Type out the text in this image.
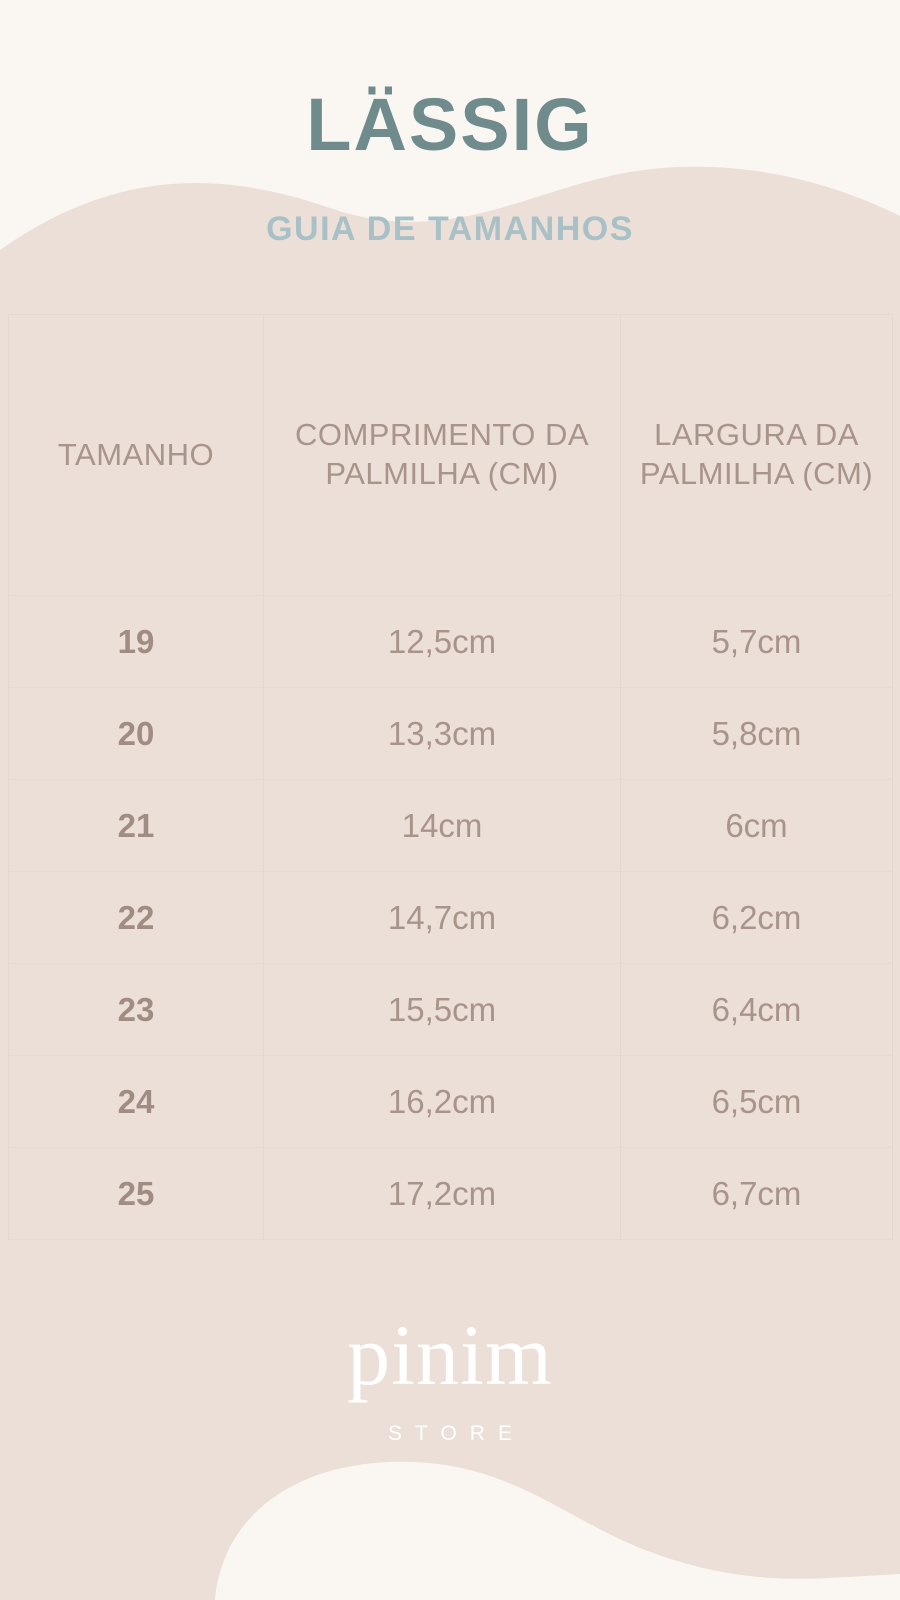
LÄSSIG
GUIA DE TAMANHOS
TAMANHO	COMPRIMENTO DA PALMILHA (CM)	LARGURA DA PALMILHA (CM)
19	12,5cm	5,7cm
20	13,3cm	5,8cm
21	14cm	6cm
22	14,7cm	6,2cm
23	15,5cm	6,4cm
24	16,2cm	6,5cm
25	17,2cm	6,7cm
pinim
STORE
